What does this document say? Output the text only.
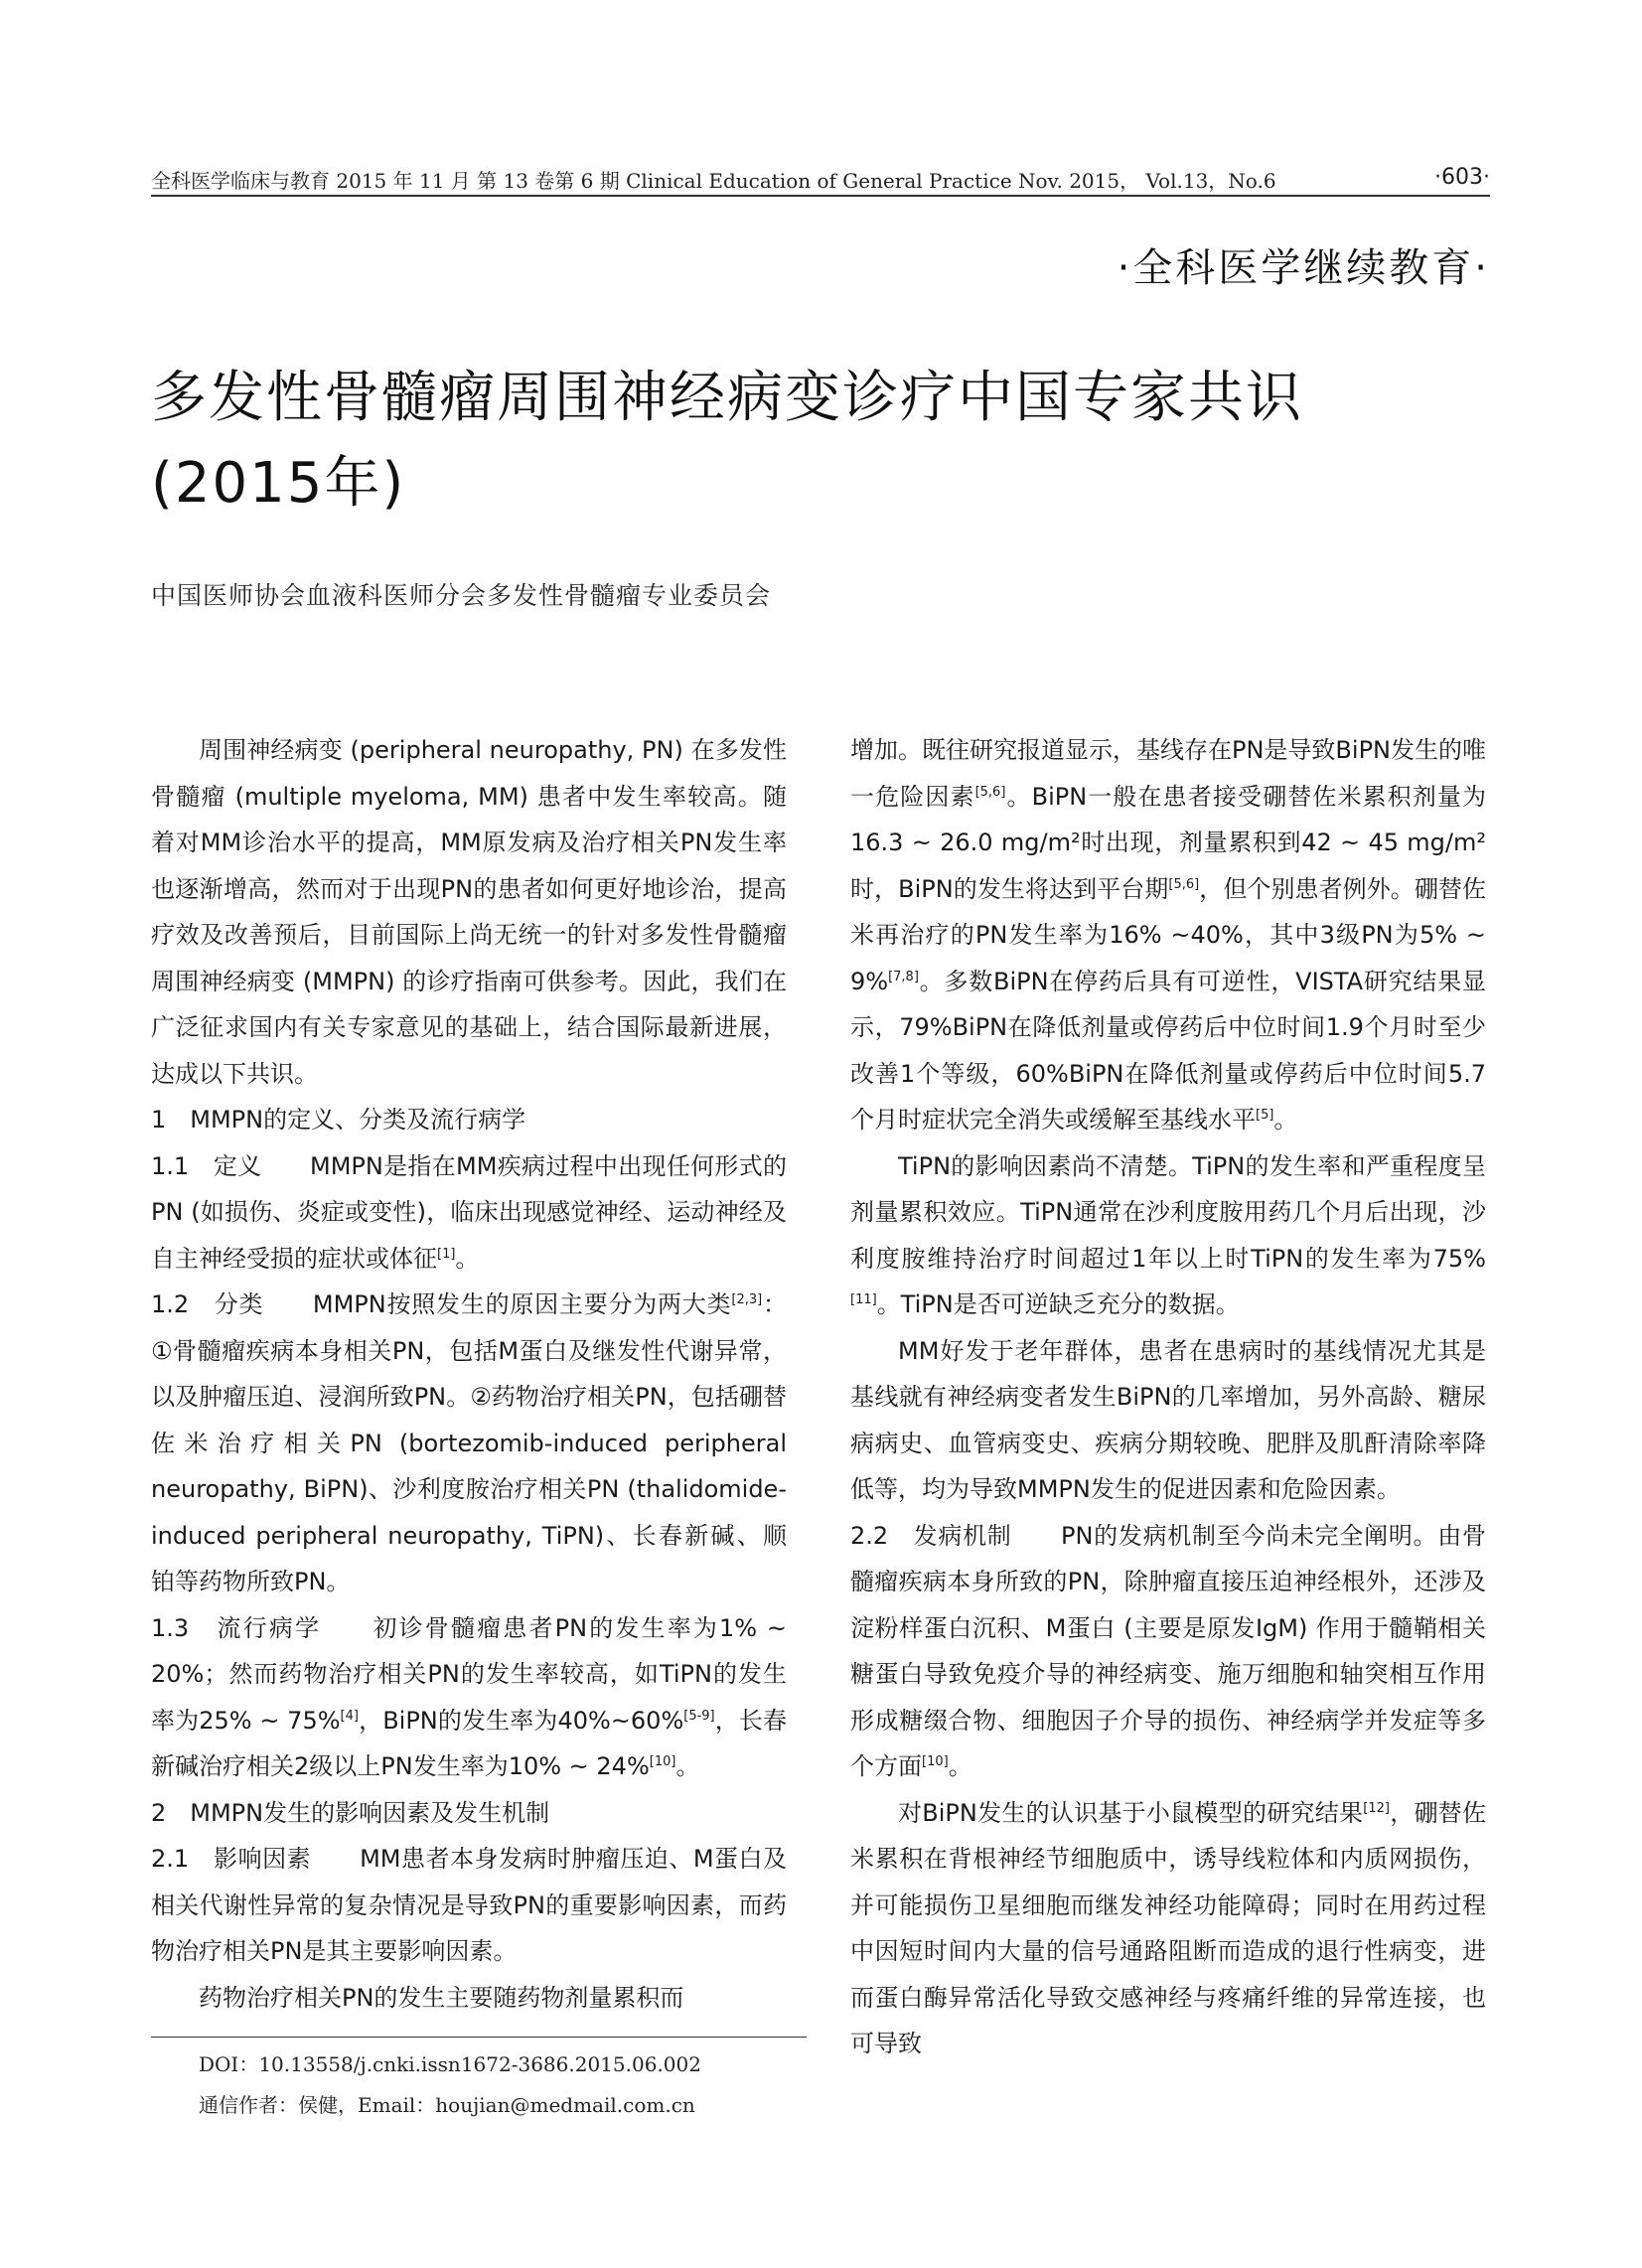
全科医学临床与教育 2015 年 11 月 第 13 卷第 6 期 Clinical Education of General Practice Nov. 2015， Vol.13，No.6	·603·
·全科医学继续教育·
多发性骨髓瘤周围神经病变诊疗中国专家共识
(2015年)
中国医师协会血液科医师分会多发性骨髓瘤专业委员会

周围神经病变 (peripheral neuropathy, PN) 在多发性骨髓瘤 (multiple myeloma, MM) 患者中发生率较高。随着对MM诊治水平的提高，MM原发病及治疗相关PN发生率也逐渐增高，然而对于出现PN的患者如何更好地诊治，提高疗效及改善预后，目前国际上尚无统一的针对多发性骨髓瘤周围神经病变 (MMPN) 的诊疗指南可供参考。因此，我们在广泛征求国内有关专家意见的基础上，结合国际最新进展，达成以下共识。

1　MMPN的定义、分类及流行病学

1.1　定义　　 MMPN是指在MM疾病过程中出现任何形式的PN (如损伤、炎症或变性)，临床出现感觉神经、运动神经及自主神经受损的症状或体征[1]。

1.2　分类　　 MMPN按照发生的原因主要分为两大类[2,3]：①骨髓瘤疾病本身相关PN，包括M蛋白及继发性代谢异常，以及肿瘤压迫、浸润所致PN。②药物治疗相关PN，包括硼替佐米治疗相关PN (bortezomib-induced peripheral neuropathy, BiPN)、沙利度胺治疗相关PN (thalidomide-induced peripheral neuropathy, TiPN)、长春新碱、顺铂等药物所致PN。

1.3　流行病学　　 初诊骨髓瘤患者PN的发生率为1% ~ 20%；然而药物治疗相关PN的发生率较高，如TiPN的发生率为25% ~ 75%[4]，BiPN的发生率为40%~60%[5-9]，长春新碱治疗相关2级以上PN发生率为10% ~ 24%[10]。

2　MMPN发生的影响因素及发生机制

2.1　影响因素　　 MM患者本身发病时肿瘤压迫、M蛋白及相关代谢性异常的复杂情况是导致PN的重要影响因素，而药物治疗相关PN是其主要影响因素。

药物治疗相关PN的发生主要随药物剂量累积而

DOI：10.13558/j.cnki.issn1672-3686.2015.06.002
通信作者：侯健，Email：houjian@medmail.com.cn

增加。既往研究报道显示，基线存在PN是导致BiPN发生的唯一危险因素[5,6]。BiPN一般在患者接受硼替佐米累积剂量为16.3 ~ 26.0 mg/m²时出现，剂量累积到42 ~ 45 mg/m²时，BiPN的发生将达到平台期[5,6]，但个别患者例外。硼替佐米再治疗的PN发生率为16% ~40%，其中3级PN为5% ~ 9%[7,8]。多数BiPN在停药后具有可逆性，VISTA研究结果显示，79%BiPN在降低剂量或停药后中位时间1.9个月时至少改善1个等级，60%BiPN在降低剂量或停药后中位时间5.7个月时症状完全消失或缓解至基线水平[5]。

TiPN的影响因素尚不清楚。TiPN的发生率和严重程度呈剂量累积效应。TiPN通常在沙利度胺用药几个月后出现，沙利度胺维持治疗时间超过1年以上时TiPN的发生率为75%[11]。TiPN是否可逆缺乏充分的数据。

MM好发于老年群体，患者在患病时的基线情况尤其是基线就有神经病变者发生BiPN的几率增加，另外高龄、糖尿病病史、血管病变史、疾病分期较晚、肥胖及肌酐清除率降低等，均为导致MMPN发生的促进因素和危险因素。

2.2　发病机制　　 PN的发病机制至今尚未完全阐明。由骨髓瘤疾病本身所致的PN，除肿瘤直接压迫神经根外，还涉及淀粉样蛋白沉积、M蛋白 (主要是原发IgM) 作用于髓鞘相关糖蛋白导致免疫介导的神经病变、施万细胞和轴突相互作用形成糖缀合物、细胞因子介导的损伤、神经病学并发症等多个方面[10]。

对BiPN发生的认识基于小鼠模型的研究结果[12]，硼替佐米累积在背根神经节细胞质中，诱导线粒体和内质网损伤，并可能损伤卫星细胞而继发神经功能障碍；同时在用药过程中因短时间内大量的信号通路阻断而造成的退行性病变，进而蛋白酶异常活化导致交感神经与疼痛纤维的异常连接，也可导致
